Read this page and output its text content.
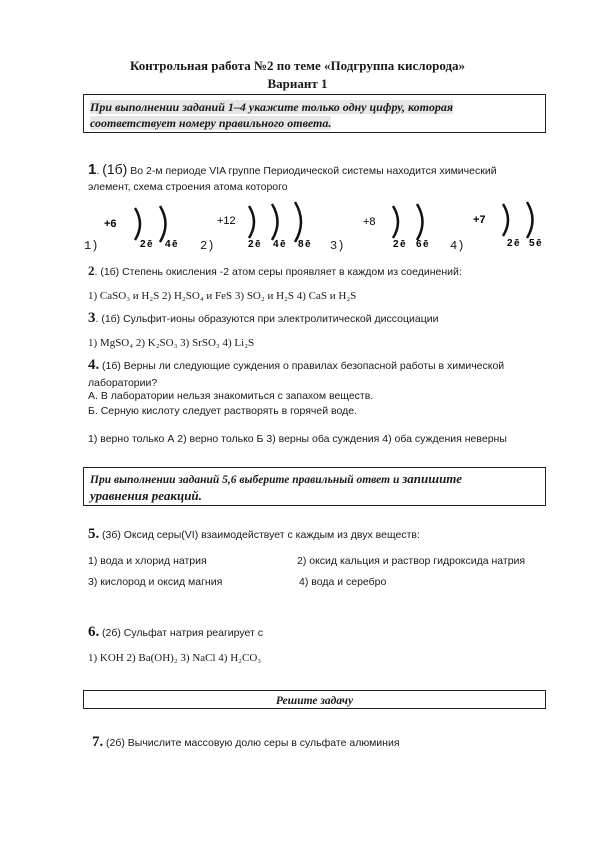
Контрольная работа №2 по теме «Подгруппа кислорода»
Вариант 1
При выполнении заданий 1–4 укажите только одну цифру, которая
соответствует номеру правильного ответа.
1. (1б) Во 2-м периоде VIA группе Периодической системы находится химический
элемент, схема строения атома которого
+6
2 ē 4 ē
+12
2 ē 4 ē 8 ē
+8
2 ē 6 ē
+7
2 ē 5 ē
1)	2)	3)	4)
2. (1б) Степень окисления -2 атом серы проявляет в каждом из соединений:
1) CaSO₃ и H₂S 2) H₂SO₄ и FeS 3) SO₂ и H₂S 4) CaS и H₂S
3. (1б) Сульфит-ионы образуются при электролитической диссоциации
1) MgSO₄ 2) K₂SO₃ 3) SrSO₃ 4) Li₂S
4. (1б) Верны ли следующие суждения о правилах безопасной работы в химической
лаборатории?
А. В лаборатории нельзя знакомиться с запахом веществ.
Б. Серную кислоту следует растворять в горячей воде.
1) верно только А 2) верно только Б 3) верны оба суждения 4) оба суждения неверны
При выполнении заданий 5,6 выберите правильный ответ и запишите
уравнения реакций.
5. (3б) Оксид серы(VI) взаимодействует с каждым из двух веществ:
1) вода и хлорид натрия	2) оксид кальция и раствор гидроксида натрия
3) кислород и оксид магния	4) вода и серебро
6. (2б) Сульфат натрия реагирует с
1) KOH 2) Ba(OH)₂ 3) NaCl 4) H₂CO₃
Решите задачу
7. (2б) Вычислите массовую долю серы в сульфате алюминия
